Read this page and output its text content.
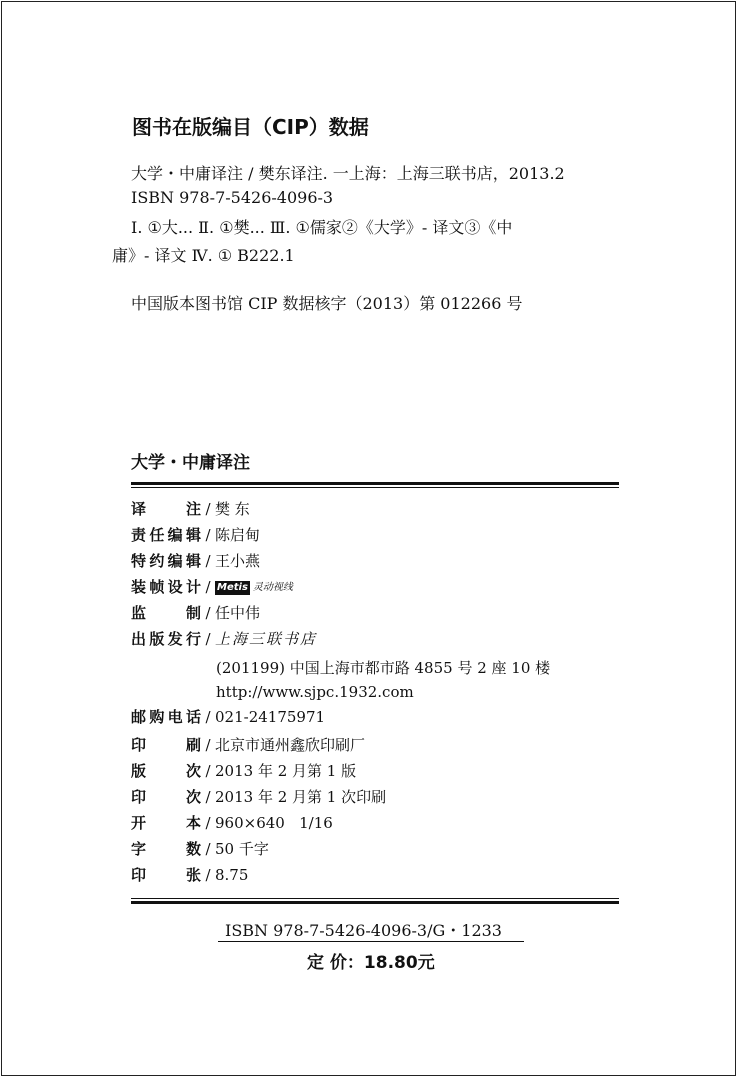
图书在版编目（CIP）数据
大学・中庸译注 / 樊东译注. 一上海：上海三联书店，2013.2
ISBN 978-7-5426-4096-3
Ⅰ. ①大... Ⅱ. ①樊... Ⅲ. ①儒家②《大学》- 译文③《中
庸》- 译文 Ⅳ. ① B222.1
中国版本图书馆 CIP 数据核字（2013）第 012266 号
大学・中庸译注
译注 / 樊 东
责任编辑 / 陈启甸
特约编辑 / 王小燕
装帧设计 / Metis 灵动视线
监制 / 任中伟
出版发行 / 上海三联书店
(201199) 中国上海市都市路 4855 号 2 座 10 楼
http://www.sjpc.1932.com
邮购电话 / 021-24175971
印刷 / 北京市通州鑫欣印刷厂
版次 / 2013 年 2 月第 1 版
印次 / 2013 年 2 月第 1 次印刷
开本 / 960×640   1/16
字数 / 50 千字
印张 / 8.75
ISBN 978-7-5426-4096-3/G・1233
定 价：18.80元
